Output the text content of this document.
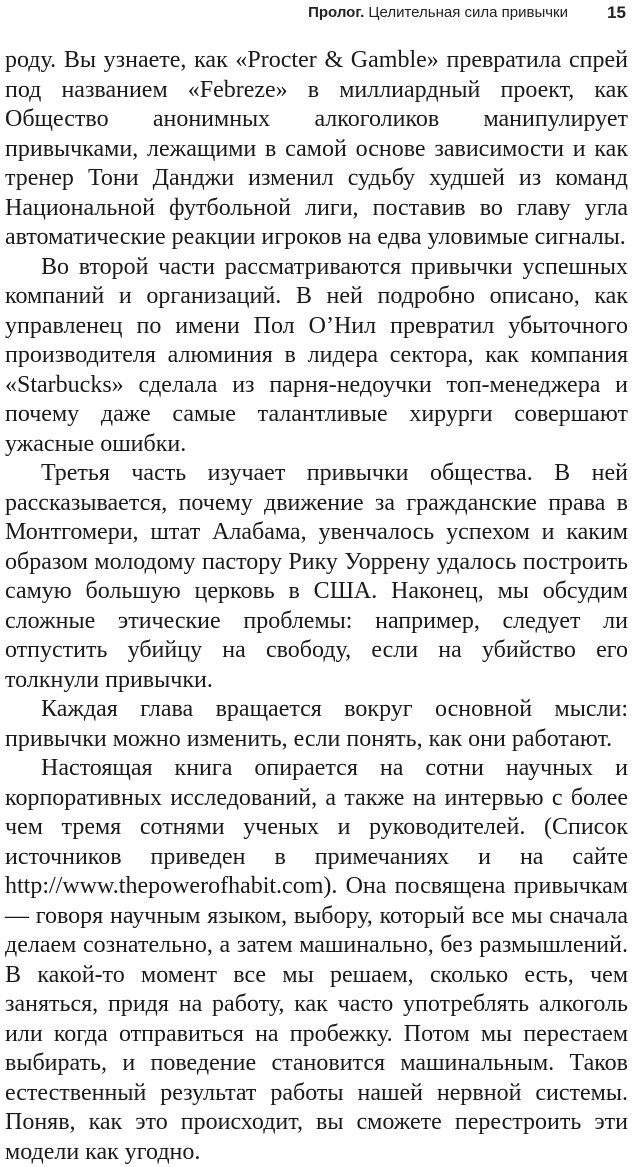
Пролог. Целительная сила привычки 15

роду. Вы узнаете, как «Procter & Gamble» превратила спрей под названием «Febreze» в миллиардный проект, как Общество анонимных алкоголиков манипулирует привычками, лежащими в самой основе зависимости и как тренер Тони Данджи изменил судьбу худшей из команд Национальной футбольной лиги, поставив во главу угла автоматические реакции игроков на едва уловимые сигналы.

Во второй части рассматриваются привычки успешных компаний и организаций. В ней подробно описано, как управленец по имени Пол О’Нил превратил убыточного производителя алюминия в лидера сектора, как компания «Starbucks» сделала из парня-недоучки топ-менеджера и почему даже самые талантливые хирурги совершают ужасные ошибки.

Третья часть изучает привычки общества. В ней рассказывается, почему движение за гражданские права в Монтгомери, штат Алабама, увенчалось успехом и каким образом молодому пастору Рику Уоррену удалось построить самую большую церковь в США. Наконец, мы обсудим сложные этические проблемы: например, следует ли отпустить убийцу на свободу, если на убийство его толкнули привычки.

Каждая глава вращается вокруг основной мысли: привычки можно изменить, если понять, как они работают.

Настоящая книга опирается на сотни научных и корпоративных исследований, а также на интервью с более чем тремя сотнями ученых и руководителей. (Список источников приведен в примечаниях и на сайте http://www.thepowerofhabit.com). Она посвящена привычкам — говоря научным языком, выбору, который все мы сначала делаем сознательно, а затем машинально, без размышлений. В какой-то момент все мы решаем, сколько есть, чем заняться, придя на работу, как часто употреблять алкоголь или когда отправиться на пробежку. Потом мы перестаем выбирать, и поведение становится машинальным. Таков естественный результат работы нашей нервной системы. Поняв, как это происходит, вы сможете перестроить эти модели как угодно.
